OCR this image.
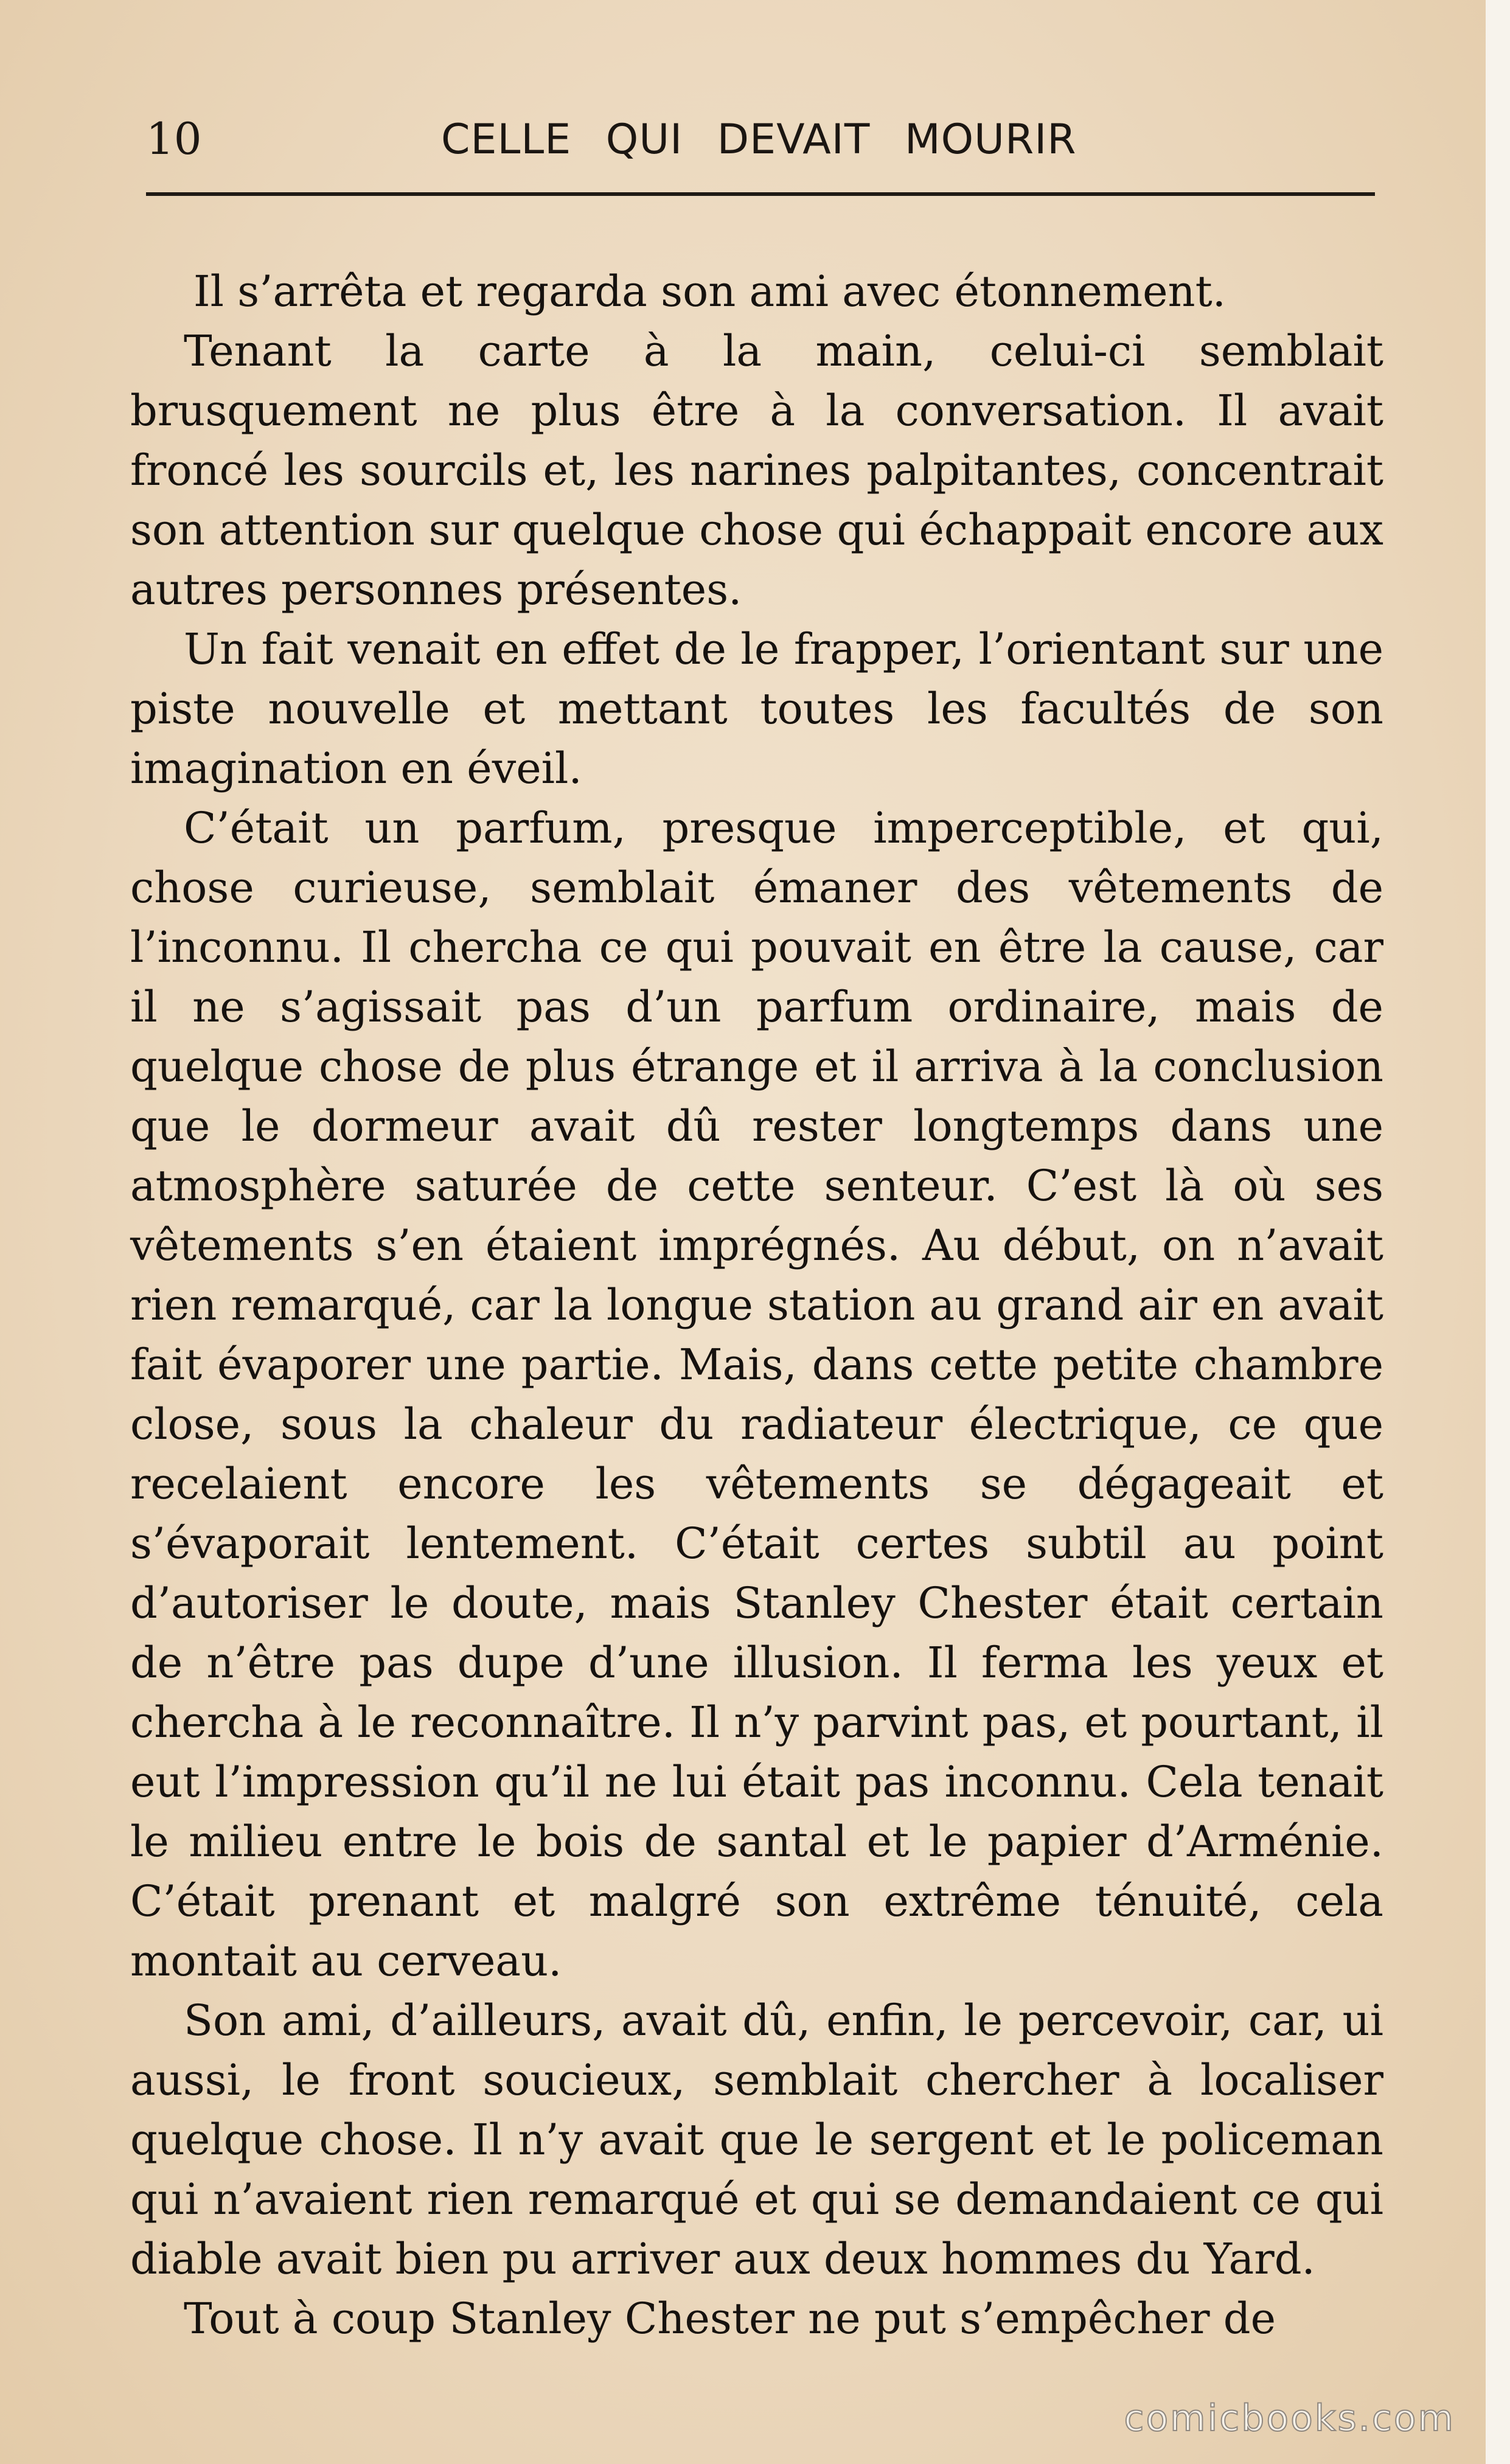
10	CELLE QUI DEVAIT MOURIR

Il s’arrêta et regarda son ami avec étonnement.

Tenant la carte à la main, celui-ci semblait brusquement ne plus être à la conversation. Il avait froncé les sourcils et, les narines palpitantes, concentrait son attention sur quelque chose qui échappait encore aux autres personnes présentes.

Un fait venait en effet de le frapper, l’orientant sur une piste nouvelle et mettant toutes les facultés de son imagination en éveil.

C’était un parfum, presque imperceptible, et qui, chose curieuse, semblait émaner des vêtements de l’inconnu. Il chercha ce qui pouvait en être la cause, car il ne s’agissait pas d’un parfum ordinaire, mais de quelque chose de plus étrange et il arriva à la conclusion que le dormeur avait dû rester longtemps dans une atmosphère saturée de cette senteur. C’est là où ses vêtements s’en étaient imprégnés. Au début, on n’avait rien remarqué, car la longue station au grand air en avait fait évaporer une partie. Mais, dans cette petite chambre close, sous la chaleur du radiateur électrique, ce que recelaient encore les vêtements se dégageait et s’évaporait lentement. C’était certes subtil au point d’autoriser le doute, mais Stanley Chester était certain de n’être pas dupe d’une illusion. Il ferma les yeux et chercha à le reconnaître. Il n’y parvint pas, et pourtant, il eut l’impression qu’il ne lui était pas inconnu. Cela tenait le milieu entre le bois de santal et le papier d’Arménie. C’était prenant et malgré son extrême ténuité, cela montait au cerveau.

Son ami, d’ailleurs, avait dû, enfin, le percevoir, car, ui aussi, le front soucieux, semblait chercher à localiser quelque chose. Il n’y avait que le sergent et le policeman qui n’avaient rien remarqué et qui se demandaient ce qui diable avait bien pu arriver aux deux hommes du Yard.

Tout à coup Stanley Chester ne put s’empêcher de

comicbooks.com
